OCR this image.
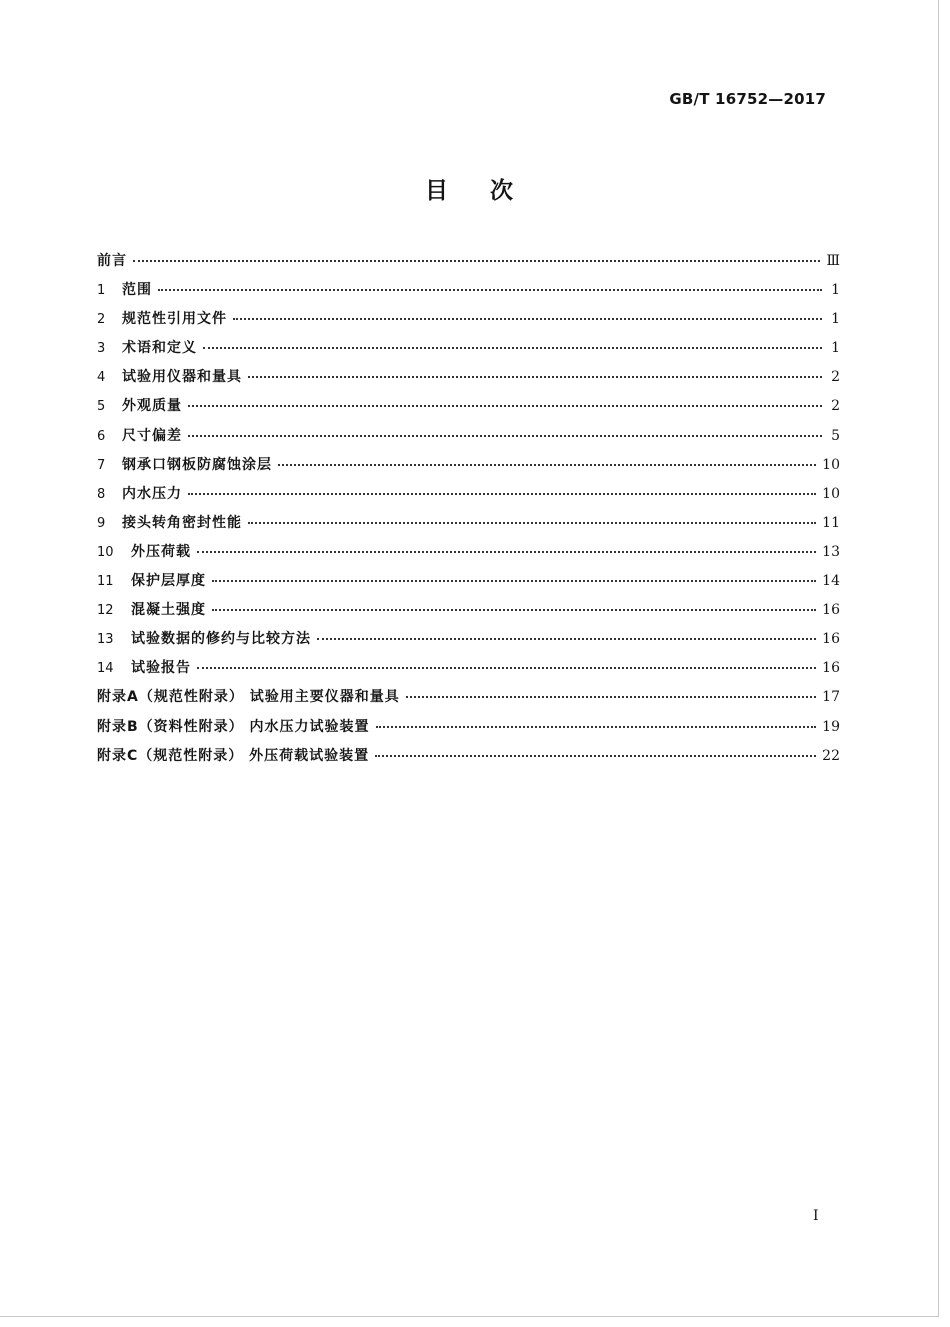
GB/T 16752—2017
目次
前言	Ⅲ
1	范围	1
2	规范性引用文件	1
3	术语和定义	1
4	试验用仪器和量具	2
5	外观质量	2
6	尺寸偏差	5
7	钢承口钢板防腐蚀涂层	10
8	内水压力	10
9	接头转角密封性能	11
10	外压荷载	13
11	保护层厚度	14
12	混凝土强度	16
13	试验数据的修约与比较方法	16
14	试验报告	16
附录A（规范性附录） 试验用主要仪器和量具	17
附录B（资料性附录） 内水压力试验装置	19
附录C（规范性附录） 外压荷载试验装置	22
I
